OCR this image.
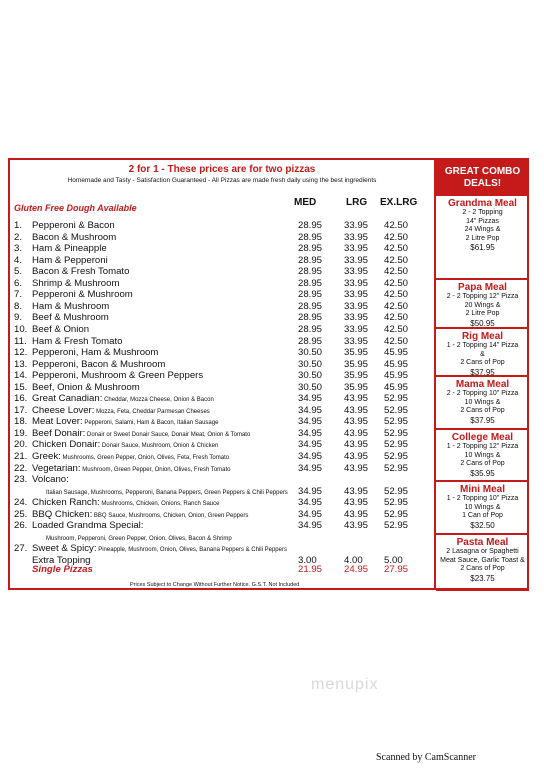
2 for 1 - These prices are for two pizzas
Homemade and Tasty - Satisfaction Guaranteed - All Pizzas are made fresh daily using the best ingredients
Gluten Free Dough Available	MED	LRG EX.LRG
1. Pepperoni & Bacon	28.95 33.95 42.50
2. Bacon & Mushroom	28.95 33.95 42.50
3. Ham & Pineapple	28.95 33.95 42.50
4. Ham & Pepperoni	28.95 33.95 42.50
5. Bacon & Fresh Tomato	28.95 33.95 42.50
6. Shrimp & Mushroom	28.95 33.95 42.50
7. Pepperoni & Mushroom	28.95 33.95 42.50
8. Ham & Mushroom	28.95 33.95 42.50
9. Beef & Mushroom	28.95 33.95 42.50
10. Beef & Onion	28.95 33.95 42.50
11. Ham & Fresh Tomato	28.95 33.95 42.50
12. Pepperoni, Ham & Mushroom	30.50 35.95 45.95
13. Pepperoni, Bacon & Mushroom	30.50 35.95 45.95
14. Pepperoni, Mushroom & Green Peppers	30.50 35.95 45.95
15. Beef, Onion & Mushroom	30.50 35.95 45.95
16. Great Canadian: Cheddar, Mozza Cheese, Onion & Bacon	34.95 43.95 52.95
17. Cheese Lover: Mozza, Feta, Cheddar Parmesan Cheeses	34.95 43.95 52.95
18. Meat Lover: Pepperoni, Salami, Ham & Bacon, Italian Sausage	34.95 43.95 52.95
19. Beef Donair: Donair or Sweet Donair Sauce, Donair Meat, Onion & Tomato	34.95 43.95 52.95
20. Chicken Donair: Donair Sauce, Mushroom, Onion & Chicken	34.95 43.95 52.95
21. Greek: Mushrooms, Green Pepper, Onion, Olives, Feta, Fresh Tomato	34.95 43.95 52.95
22. Vegetarian: Mushroom, Green Pepper, Onion, Olives, Fresh Tomato	34.95 43.95 52.95
23. Volcano:
Italian Sausage, Mushrooms, Pepperoni, Banana Peppers, Green Peppers & Chili Peppers 34.95 43.95 52.95
24. Chicken Ranch: Mushrooms, Chicken, Onions, Ranch Sauce	34.95 43.95 52.95
25. BBQ Chicken: BBQ Sauce, Mushrooms, Chicken, Onion, Green Peppers	34.95 43.95 52.95
26. Loaded Grandma Special:	34.95 43.95 52.95
Mushroom, Pepperoni, Green Pepper, Onion, Olives, Bacon & Shrimp
27. Sweet & Spicy: Pineapple, Mushroom, Onion, Olives, Banana Peppers & Chili Peppers
Extra Topping	3.00	4.00 5.00
Single Pizzas	21.95 24.95 27.95
Prices Subject to Change Without Further Notice. G.S.T. Not Included
GREAT COMBO DEALS!
Grandma Meal
2 - 2 Topping
14" Pizzas
24 Wings &
2 Litre Pop
$61.95
Papa Meal
2 - 2 Topping 12" Pizza
20 Wings &
2 Litre Pop
$50.95
Rig Meal
1 - 2 Topping 14" Pizza
&
2 Cans of Pop
$37.95
Mama Meal
2 - 2 Topping 10" Pizza
10 Wings &
2 Cans of Pop
$37.95
College Meal
1 - 2 Topping 12" Pizza
10 Wings &
2 Cans of Pop
$35.95
Mini Meal
1 - 2 Topping 10" Pizza
10 Wings &
1 Can of Pop
$32.50
Pasta Meal
2 Lasagna or Spaghetti
Meat Sauce, Garlic Toast &
2 Cans of Pop
$23.75
menupix
Scanned by CamScanner
